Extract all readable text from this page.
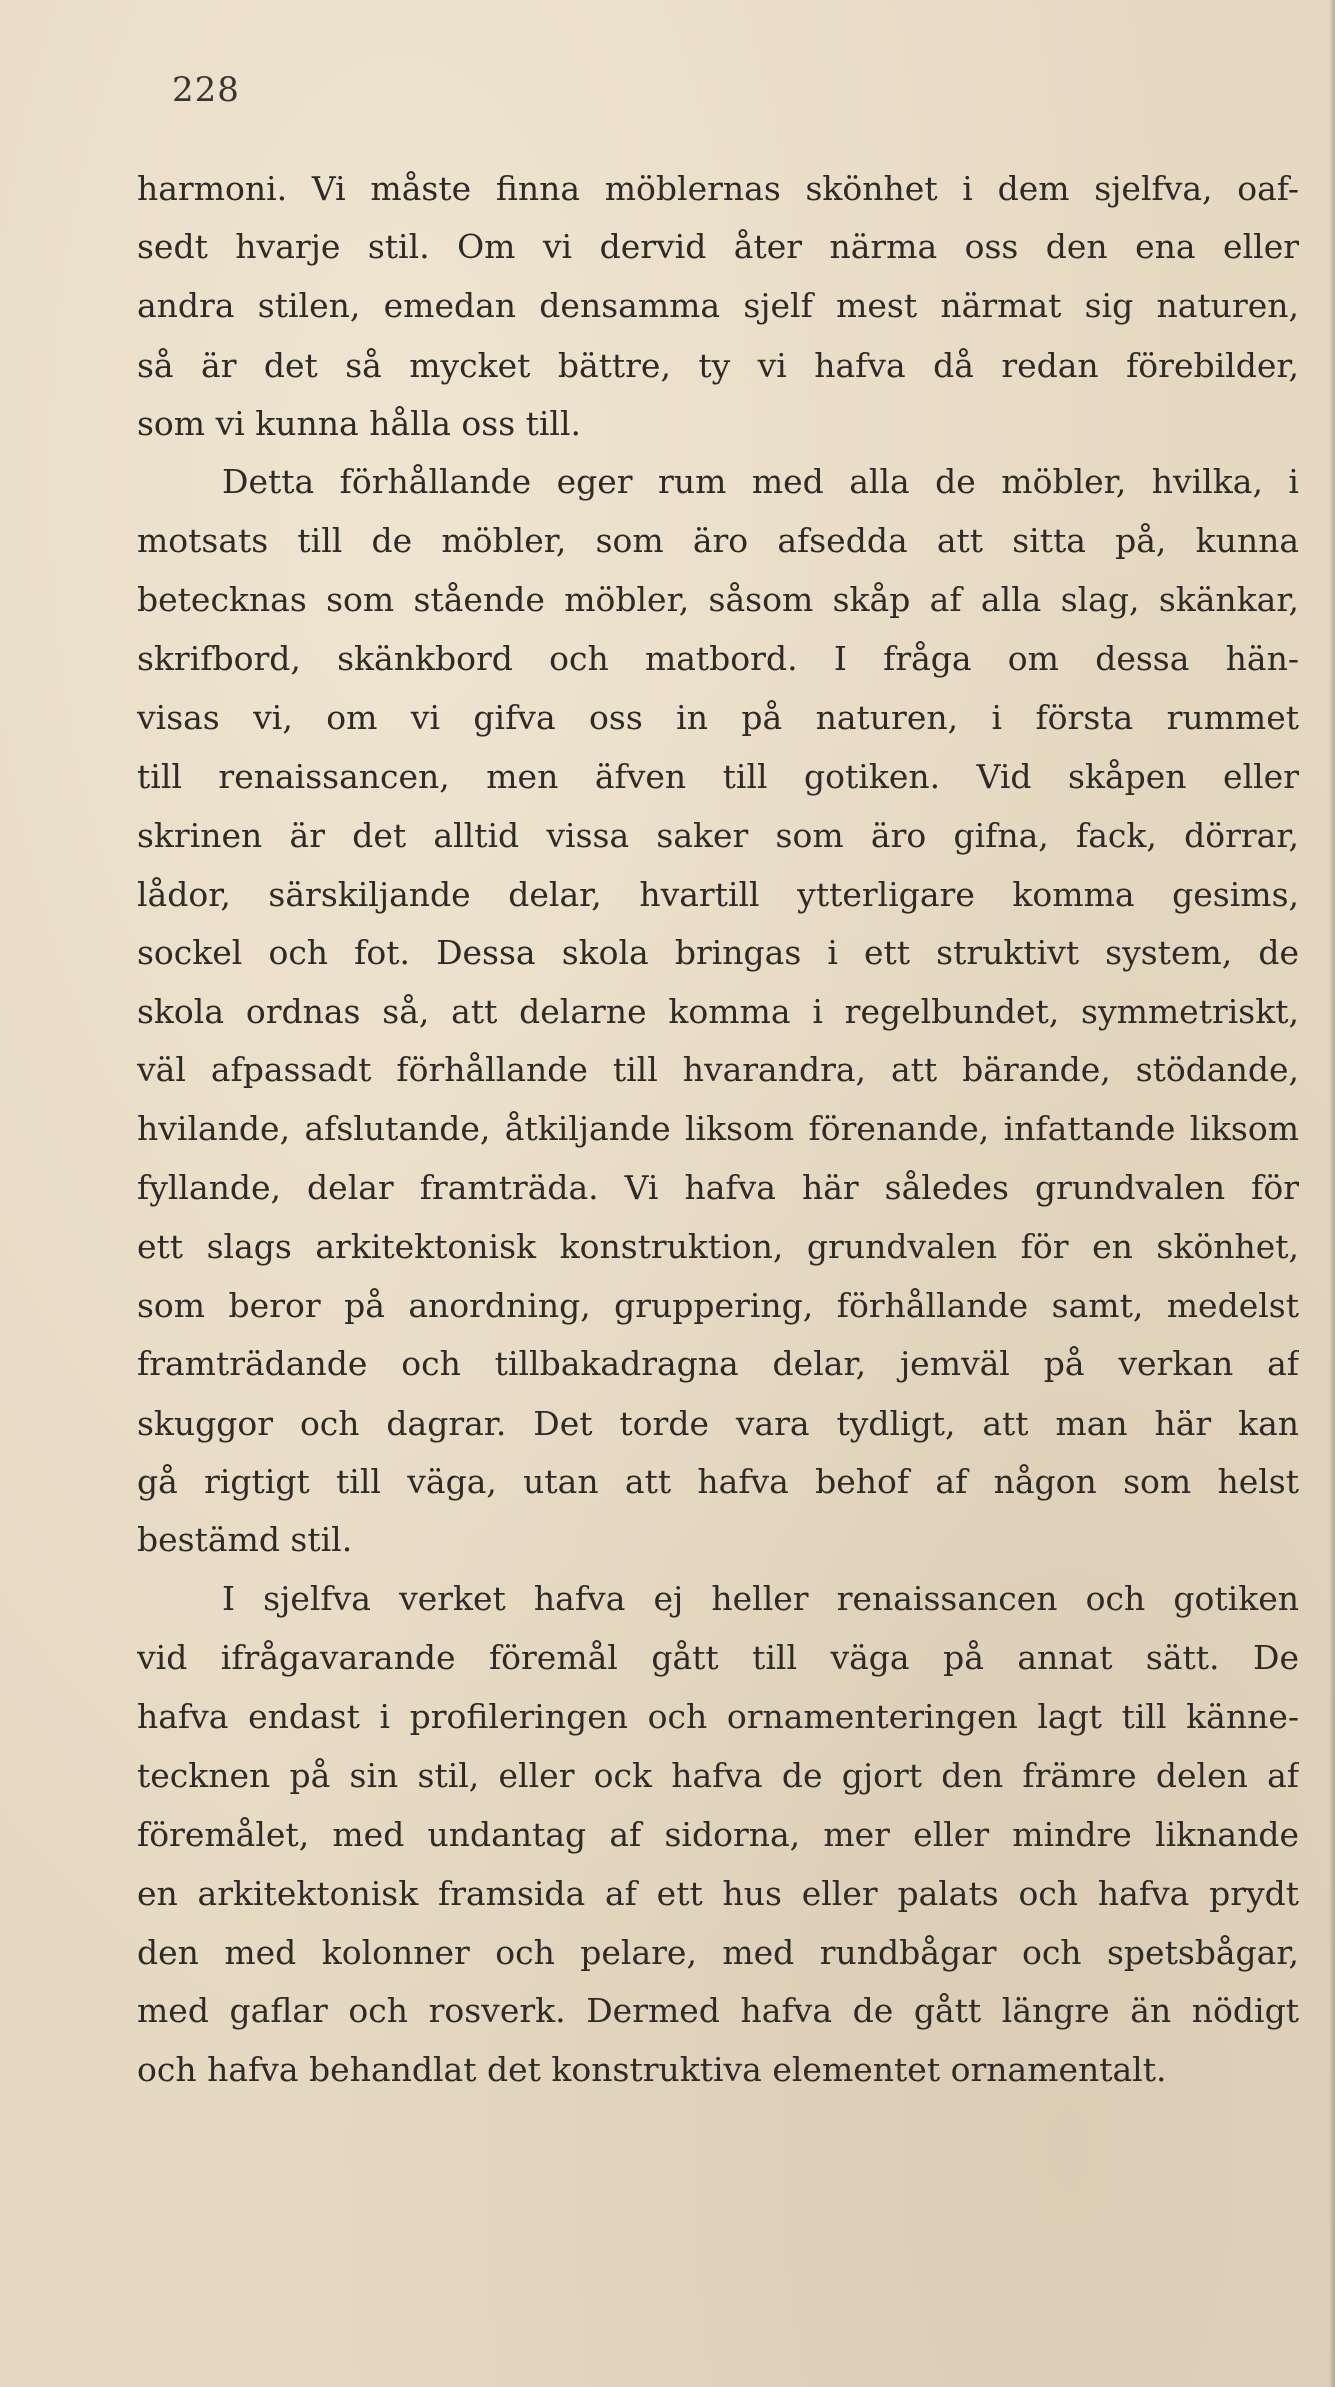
228
harmoni. Vi måste finna möblernas skönhet i dem sjelfva, oaf-
sedt hvarje stil. Om vi dervid åter närma oss den ena eller
andra stilen, emedan densamma sjelf mest närmat sig naturen,
så är det så mycket bättre, ty vi hafva då redan förebilder,
som vi kunna hålla oss till.
Detta förhållande eger rum med alla de möbler, hvilka, i
motsats till de möbler, som äro afsedda att sitta på, kunna
betecknas som stående möbler, såsom skåp af alla slag, skänkar,
skrifbord, skänkbord och matbord. I fråga om dessa hän-
visas vi, om vi gifva oss in på naturen, i första rummet
till renaissancen, men äfven till gotiken. Vid skåpen eller
skrinen är det alltid vissa saker som äro gifna, fack, dörrar,
lådor, särskiljande delar, hvartill ytterligare komma gesims,
sockel och fot. Dessa skola bringas i ett struktivt system, de
skola ordnas så, att delarne komma i regelbundet, symmetriskt,
väl afpassadt förhållande till hvarandra, att bärande, stödande,
hvilande, afslutande, åtkiljande liksom förenande, infattande liksom
fyllande, delar framträda. Vi hafva här således grundvalen för
ett slags arkitektonisk konstruktion, grundvalen för en skönhet,
som beror på anordning, gruppering, förhållande samt, medelst
framträdande och tillbakadragna delar, jemväl på verkan af
skuggor och dagrar. Det torde vara tydligt, att man här kan
gå rigtigt till väga, utan att hafva behof af någon som helst
bestämd stil.
I sjelfva verket hafva ej heller renaissancen och gotiken
vid ifrågavarande föremål gått till väga på annat sätt. De
hafva endast i profileringen och ornamenteringen lagt till känne-
tecknen på sin stil, eller ock hafva de gjort den främre delen af
föremålet, med undantag af sidorna, mer eller mindre liknande
en arkitektonisk framsida af ett hus eller palats och hafva prydt
den med kolonner och pelare, med rundbågar och spetsbågar,
med gaflar och rosverk. Dermed hafva de gått längre än nödigt
och hafva behandlat det konstruktiva elementet ornamentalt.
